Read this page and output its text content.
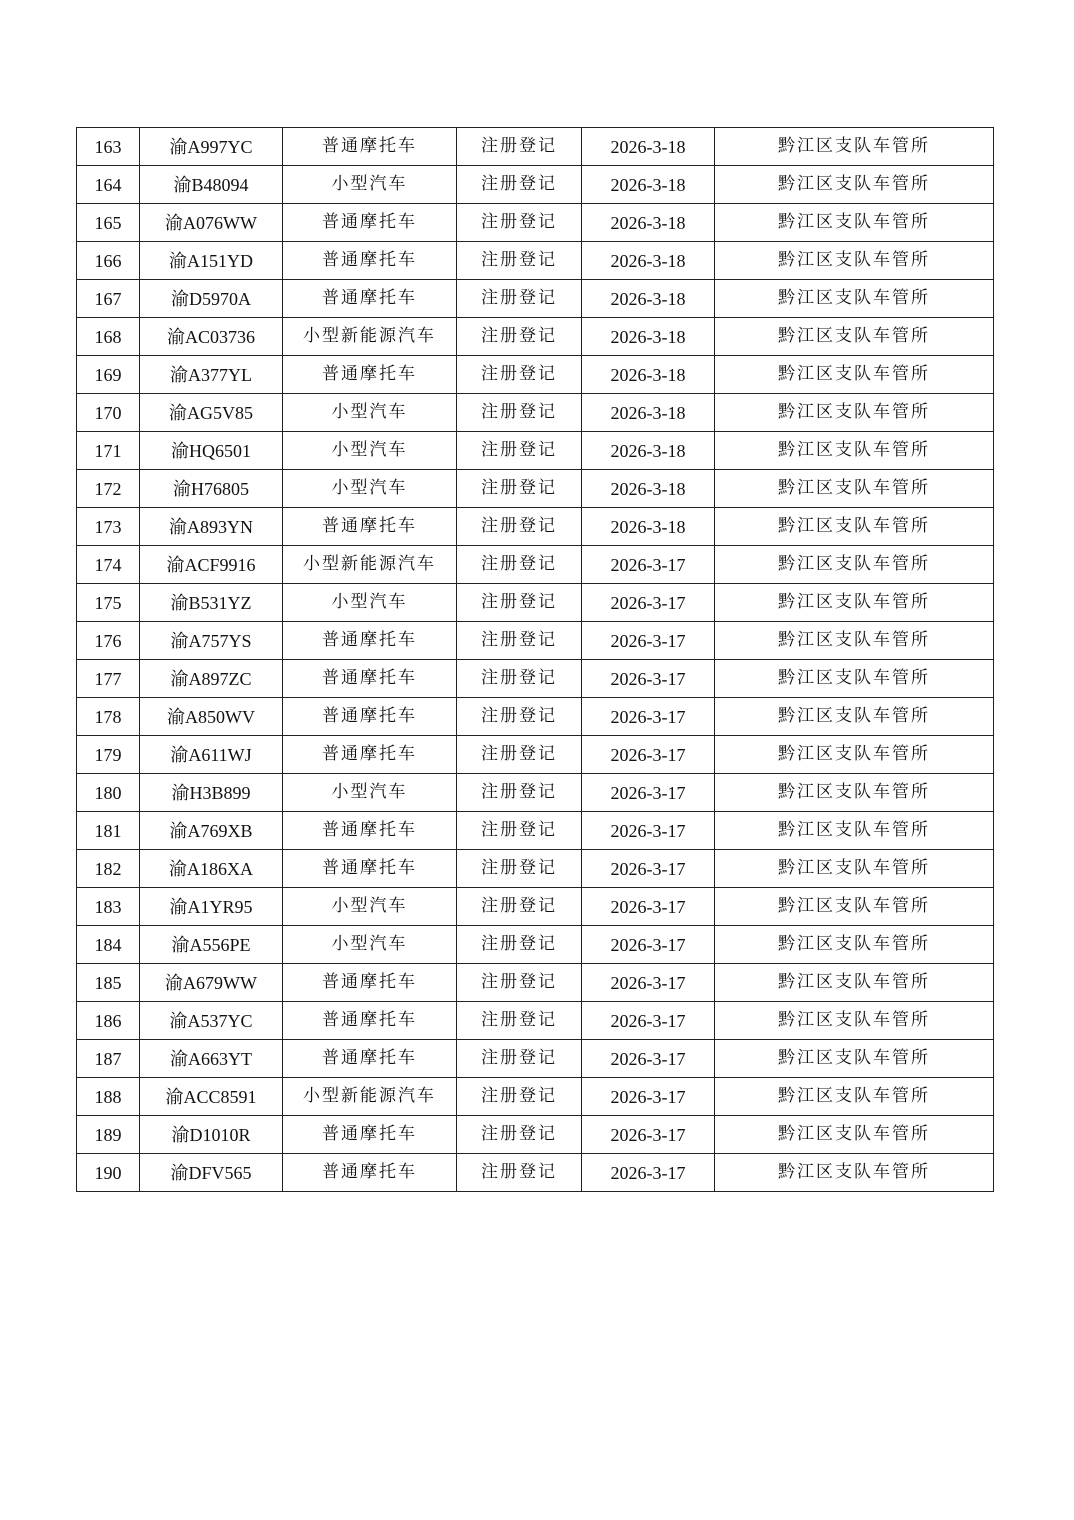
163	渝A997YC	普通摩托车	注册登记	2026-3-18	黔江区支队车管所
164	渝B48094	小型汽车	注册登记	2026-3-18	黔江区支队车管所
165	渝A076WW	普通摩托车	注册登记	2026-3-18	黔江区支队车管所
166	渝A151YD	普通摩托车	注册登记	2026-3-18	黔江区支队车管所
167	渝D5970A	普通摩托车	注册登记	2026-3-18	黔江区支队车管所
168	渝AC03736	小型新能源汽车	注册登记	2026-3-18	黔江区支队车管所
169	渝A377YL	普通摩托车	注册登记	2026-3-18	黔江区支队车管所
170	渝AG5V85	小型汽车	注册登记	2026-3-18	黔江区支队车管所
171	渝HQ6501	小型汽车	注册登记	2026-3-18	黔江区支队车管所
172	渝H76805	小型汽车	注册登记	2026-3-18	黔江区支队车管所
173	渝A893YN	普通摩托车	注册登记	2026-3-18	黔江区支队车管所
174	渝ACF9916	小型新能源汽车	注册登记	2026-3-17	黔江区支队车管所
175	渝B531YZ	小型汽车	注册登记	2026-3-17	黔江区支队车管所
176	渝A757YS	普通摩托车	注册登记	2026-3-17	黔江区支队车管所
177	渝A897ZC	普通摩托车	注册登记	2026-3-17	黔江区支队车管所
178	渝A850WV	普通摩托车	注册登记	2026-3-17	黔江区支队车管所
179	渝A611WJ	普通摩托车	注册登记	2026-3-17	黔江区支队车管所
180	渝H3B899	小型汽车	注册登记	2026-3-17	黔江区支队车管所
181	渝A769XB	普通摩托车	注册登记	2026-3-17	黔江区支队车管所
182	渝A186XA	普通摩托车	注册登记	2026-3-17	黔江区支队车管所
183	渝A1YR95	小型汽车	注册登记	2026-3-17	黔江区支队车管所
184	渝A556PE	小型汽车	注册登记	2026-3-17	黔江区支队车管所
185	渝A679WW	普通摩托车	注册登记	2026-3-17	黔江区支队车管所
186	渝A537YC	普通摩托车	注册登记	2026-3-17	黔江区支队车管所
187	渝A663YT	普通摩托车	注册登记	2026-3-17	黔江区支队车管所
188	渝ACC8591	小型新能源汽车	注册登记	2026-3-17	黔江区支队车管所
189	渝D1010R	普通摩托车	注册登记	2026-3-17	黔江区支队车管所
190	渝DFV565	普通摩托车	注册登记	2026-3-17	黔江区支队车管所
